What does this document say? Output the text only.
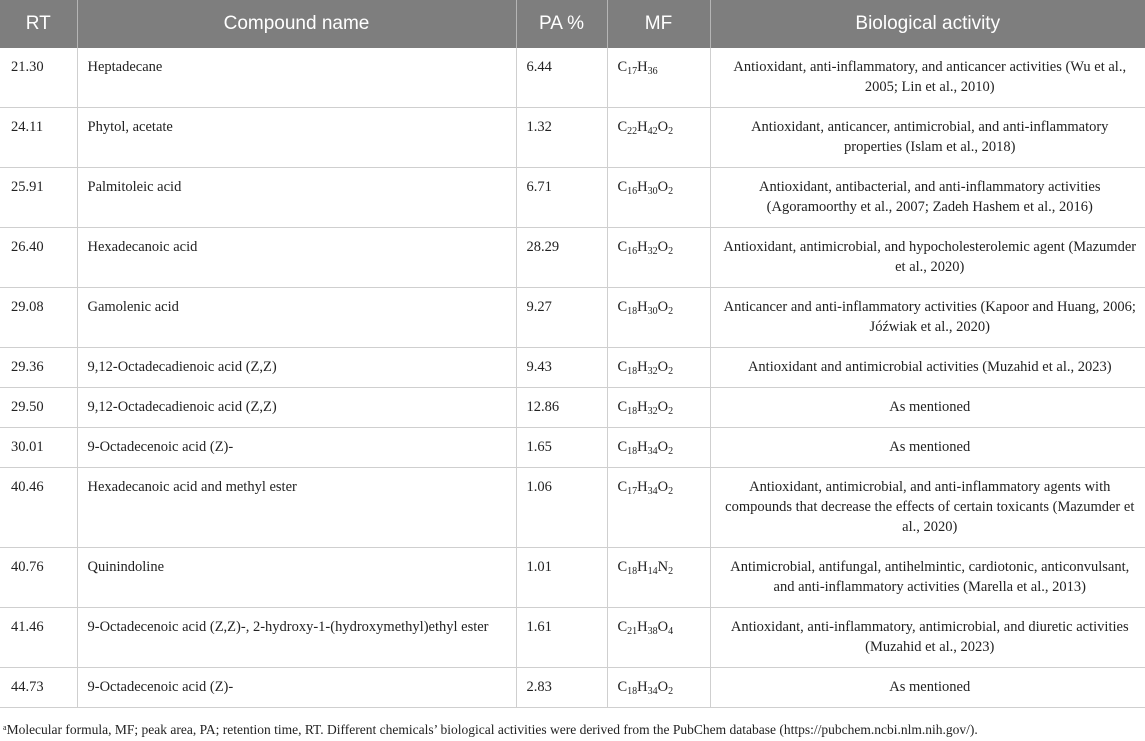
RT	Compound name	PA %	MF	Biological activity
21.30	Heptadecane	6.44	$C_{17}H_{36}$	Antioxidant, anti-inflammatory, and anticancer activities (Wu et al., 2005; Lin et al., 2010)
24.11	Phytol, acetate	1.32	$C_{22}H_{42}O_2$	Antioxidant, anticancer, antimicrobial, and anti-inflammatory properties (Islam et al., 2018)
25.91	Palmitoleic acid	6.71	$C_{16}H_{30}O_2$	Antioxidant, antibacterial, and anti-inflammatory activities (Agoramoorthy et al., 2007; Zadeh Hashem et al., 2016)
26.40	Hexadecanoic acid	28.29	$C_{16}H_{32}O_2$	Antioxidant, antimicrobial, and hypocholesterolemic agent (Mazumder et al., 2020)
29.08	Gamolenic acid	9.27	$C_{18}H_{30}O_2$	Anticancer and anti-inflammatory activities (Kapoor and Huang, 2006; Jóźwiak et al., 2020)
29.36	9,12-Octadecadienoic acid (Z,Z)	9.43	$C_{18}H_{32}O_2$	Antioxidant and antimicrobial activities (Muzahid et al., 2023)
29.50	9,12-Octadecadienoic acid (Z,Z)	12.86	$C_{18}H_{32}O_2$	As mentioned
30.01	9-Octadecenoic acid (Z)-	1.65	$C_{18}H_{34}O_2$	As mentioned
40.46	Hexadecanoic acid and methyl ester	1.06	$C_{17}H_{34}O_2$	Antioxidant, antimicrobial, and anti-inflammatory agents with compounds that decrease the effects of certain toxicants (Mazumder et al., 2020)
40.76	Quinindoline	1.01	$C_{18}H_{14}N_2$	Antimicrobial, antifungal, antihelmintic, cardiotonic, anticonvulsant, and anti-inflammatory activities (Marella et al., 2013)
41.46	9-Octadecenoic acid (Z,Z)-, 2-hydroxy-1-(hydroxymethyl)ethyl ester	1.61	$C_{21}H_{38}O_4$	Antioxidant, anti-inflammatory, antimicrobial, and diuretic activities (Muzahid et al., 2023)
44.73	9-Octadecenoic acid (Z)-	2.83	$C_{18}H_{34}O_2$	As mentioned
$^a$Molecular formula, MF; peak area, PA; retention time, RT. Different chemicals’ biological activities were derived from the PubChem database (https://pubchem.ncbi.nlm.nih.gov/).
